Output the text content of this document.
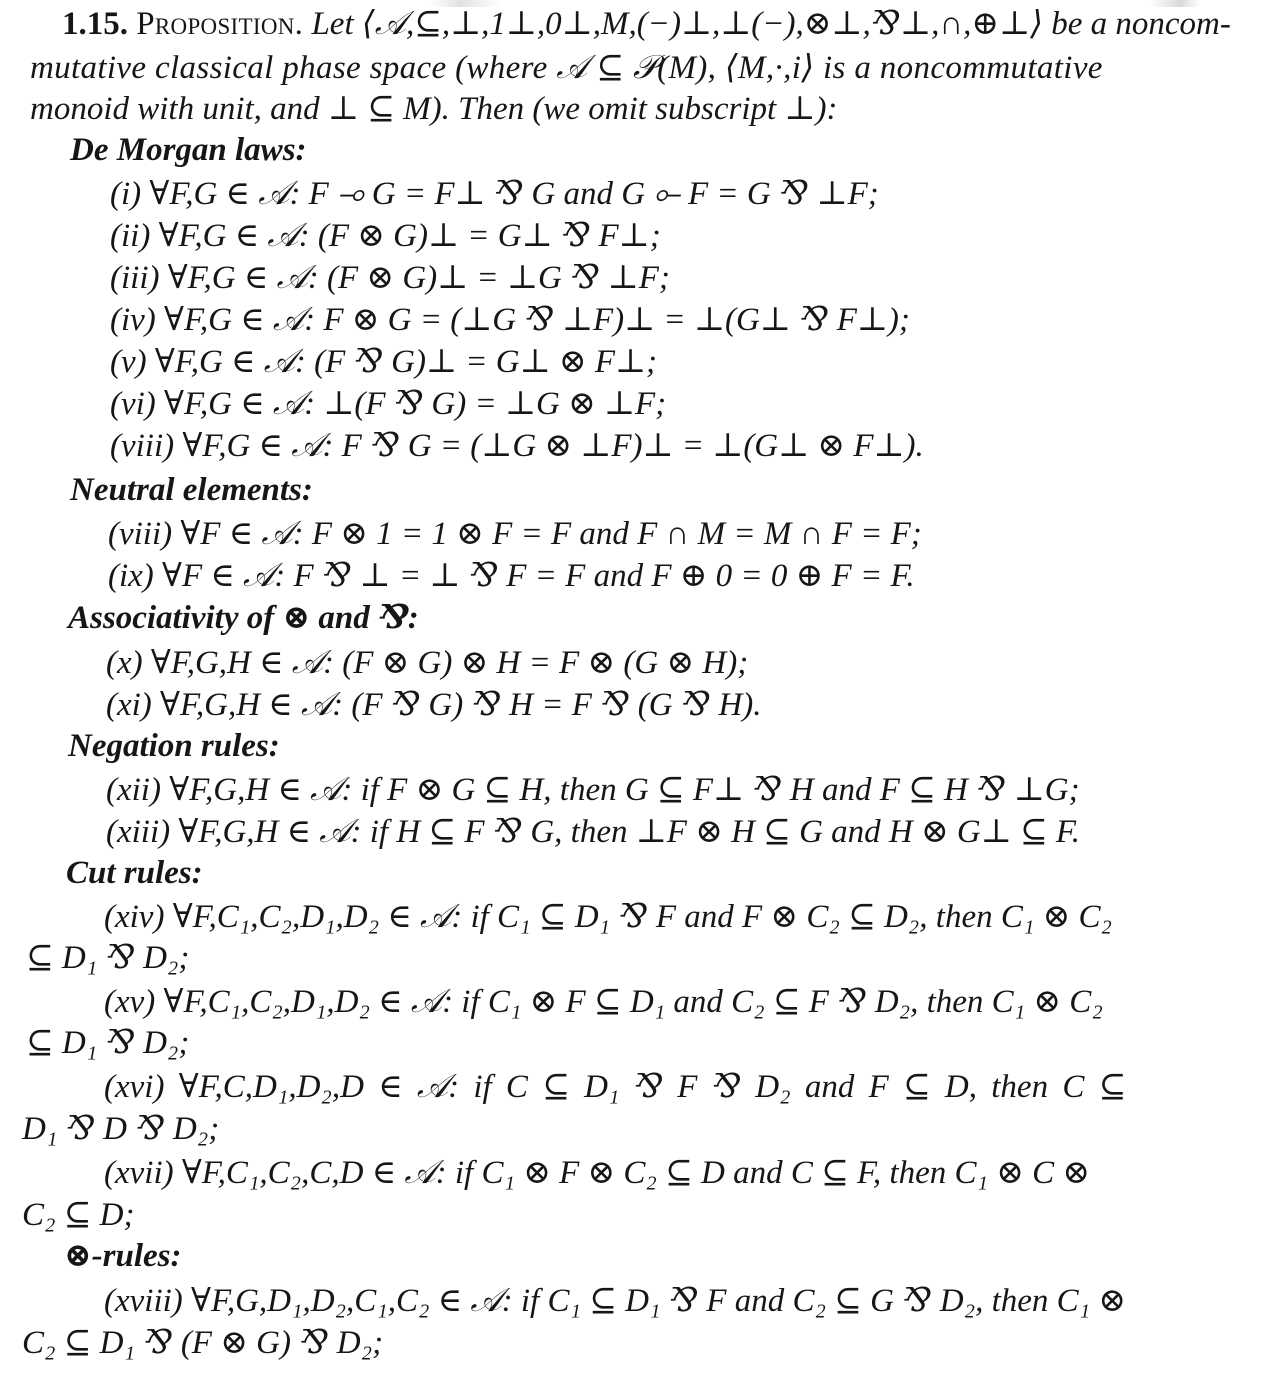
1.15. Proposition. Let ⟨𝒜,⊆,⊥,1⊥,0⊥,M,(−)⊥,⊥(−),⊗⊥,⅋⊥,∩,⊕⊥⟩ be a noncom-
mutative classical phase space (where 𝒜 ⊆ 𝒫(M), ⟨M,·,i⟩ is a noncommutative
monoid with unit, and ⊥ ⊆ M). Then (we omit subscript ⊥):
De Morgan laws:
(i) ∀F,G ∈ 𝒜: F ⊸ G = F⊥ ⅋ G and G ⟜ F = G ⅋ ⊥F;
(ii) ∀F,G ∈ 𝒜: (F ⊗ G)⊥ = G⊥ ⅋ F⊥;
(iii) ∀F,G ∈ 𝒜: (F ⊗ G)⊥ = ⊥G ⅋ ⊥F;
(iv) ∀F,G ∈ 𝒜: F ⊗ G = (⊥G ⅋ ⊥F)⊥ = ⊥(G⊥ ⅋ F⊥);
(v) ∀F,G ∈ 𝒜: (F ⅋ G)⊥ = G⊥ ⊗ F⊥;
(vi) ∀F,G ∈ 𝒜: ⊥(F ⅋ G) = ⊥G ⊗ ⊥F;
(viii) ∀F,G ∈ 𝒜: F ⅋ G = (⊥G ⊗ ⊥F)⊥ = ⊥(G⊥ ⊗ F⊥).
Neutral elements:
(viii) ∀F ∈ 𝒜: F ⊗ 1 = 1 ⊗ F = F and F ∩ M = M ∩ F = F;
(ix) ∀F ∈ 𝒜: F ⅋ ⊥ = ⊥ ⅋ F = F and F ⊕ 0 = 0 ⊕ F = F.
Associativity of ⊗ and ⅋:
(x) ∀F,G,H ∈ 𝒜: (F ⊗ G) ⊗ H = F ⊗ (G ⊗ H);
(xi) ∀F,G,H ∈ 𝒜: (F ⅋ G) ⅋ H = F ⅋ (G ⅋ H).
Negation rules:
(xii) ∀F,G,H ∈ 𝒜: if F ⊗ G ⊆ H, then G ⊆ F⊥ ⅋ H and F ⊆ H ⅋ ⊥G;
(xiii) ∀F,G,H ∈ 𝒜: if H ⊆ F ⅋ G, then ⊥F ⊗ H ⊆ G and H ⊗ G⊥ ⊆ F.
Cut rules:
(xiv) ∀F,C₁,C₂,D₁,D₂ ∈ 𝒜: if C₁ ⊆ D₁ ⅋ F and F ⊗ C₂ ⊆ D₂, then C₁ ⊗ C₂
⊆ D₁ ⅋ D₂;
(xv) ∀F,C₁,C₂,D₁,D₂ ∈ 𝒜: if C₁ ⊗ F ⊆ D₁ and C₂ ⊆ F ⅋ D₂, then C₁ ⊗ C₂
⊆ D₁ ⅋ D₂;
(xvi) ∀F,C,D₁,D₂,D ∈ 𝒜: if C ⊆ D₁ ⅋ F ⅋ D₂ and F ⊆ D, then C ⊆
D₁ ⅋ D ⅋ D₂;
(xvii) ∀F,C₁,C₂,C,D ∈ 𝒜: if C₁ ⊗ F ⊗ C₂ ⊆ D and C ⊆ F, then C₁ ⊗ C ⊗
C₂ ⊆ D;
⊗-rules:
(xviii) ∀F,G,D₁,D₂,C₁,C₂ ∈ 𝒜: if C₁ ⊆ D₁ ⅋ F and C₂ ⊆ G ⅋ D₂, then C₁ ⊗
C₂ ⊆ D₁ ⅋ (F ⊗ G) ⅋ D₂;
